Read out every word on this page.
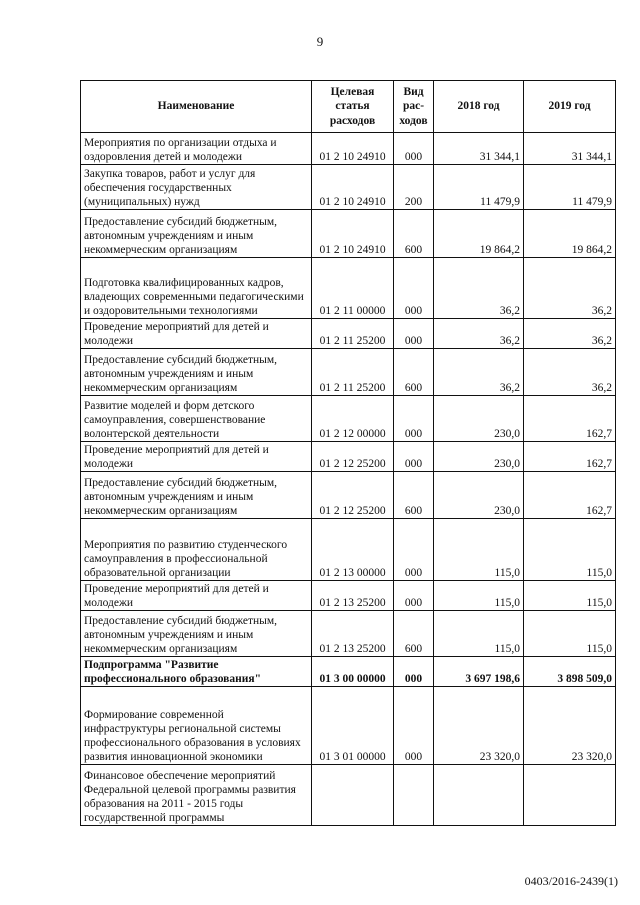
9
Наименование	Целевая статья расходов	Вид рас-ходов	2018 год	2019 год
Мероприятия по организации отдыха и оздоровления детей и молодежи	01 2 10 24910	000	31 344,1	31 344,1
Закупка товаров, работ и услуг для обеспечения государственных (муниципальных) нужд	01 2 10 24910	200	11 479,9	11 479,9
Предоставление субсидий бюджетным, автономным учреждениям и иным некоммерческим организациям	01 2 10 24910	600	19 864,2	19 864,2
Подготовка квалифицированных кадров, владеющих современными педагогическими и оздоровительными технологиями	01 2 11 00000	000	36,2	36,2
Проведение мероприятий для детей и молодежи	01 2 11 25200	000	36,2	36,2
Предоставление субсидий бюджетным, автономным учреждениям и иным некоммерческим организациям	01 2 11 25200	600	36,2	36,2
Развитие моделей и форм детского самоуправления, совершенствование волонтерской деятельности	01 2 12 00000	000	230,0	162,7
Проведение мероприятий для детей и молодежи	01 2 12 25200	000	230,0	162,7
Предоставление субсидий бюджетным, автономным учреждениям и иным некоммерческим организациям	01 2 12 25200	600	230,0	162,7
Мероприятия по развитию студенческого самоуправления в профессиональной образовательной организации	01 2 13 00000	000	115,0	115,0
Проведение мероприятий для детей и молодежи	01 2 13 25200	000	115,0	115,0
Предоставление субсидий бюджетным, автономным учреждениям и иным некоммерческим организациям	01 2 13 25200	600	115,0	115,0
Подпрограмма "Развитие профессионального образования"	01 3 00 00000	000	3 697 198,6	3 898 509,0
Формирование современной инфраструктуры региональной системы профессионального образования в условиях развития инновационной экономики	01 3 01 00000	000	23 320,0	23 320,0
Финансовое обеспечение мероприятий Федеральной целевой программы развития образования на 2011 - 2015 годы государственной программы				
0403/2016-2439(1)
